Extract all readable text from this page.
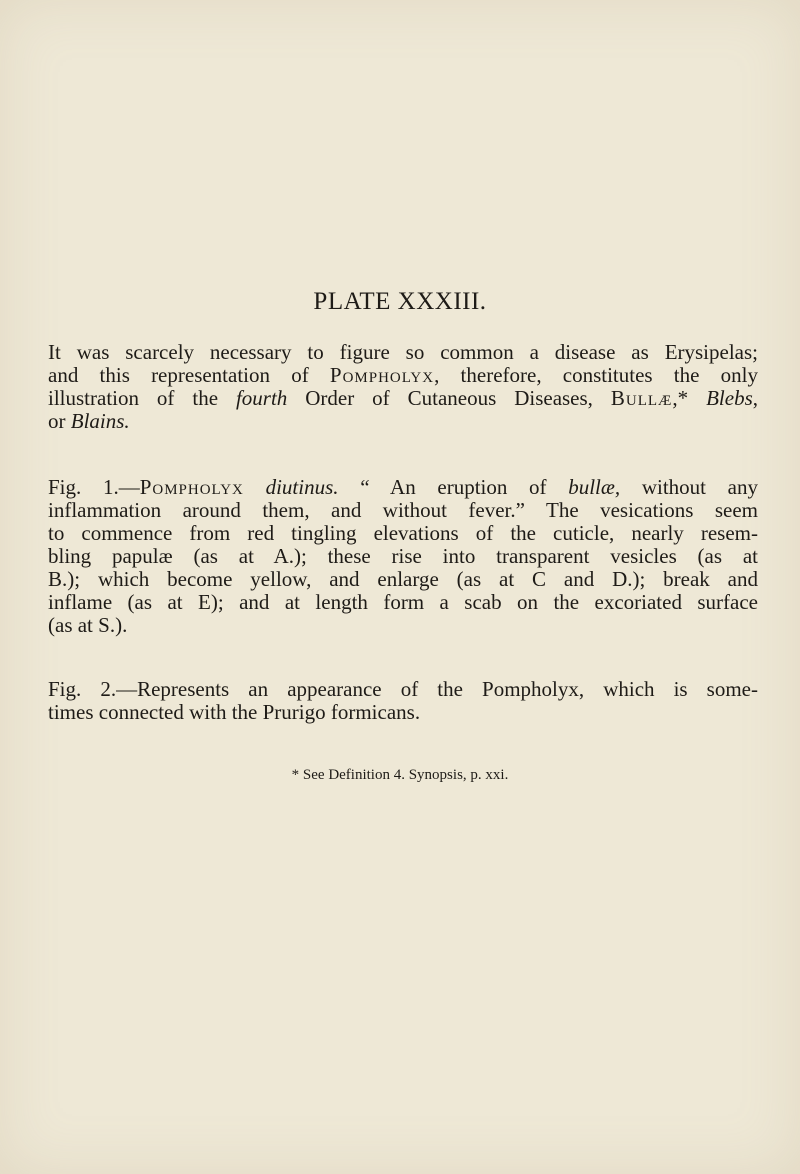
PLATE XXXIII.
It was scarcely necessary to figure so common a disease as Erysipelas;
and this representation of Pompholyx, therefore, constitutes the only
illustration of the fourth Order of Cutaneous Diseases, Bullæ,* Blebs,
or Blains.
Fig. 1.—Pompholyx diutinus. “ An eruption of bullæ, without any
inflammation around them, and without fever.” The vesications seem
to commence from red tingling elevations of the cuticle, nearly resem-
bling papulæ (as at A.); these rise into transparent vesicles (as at
B.); which become yellow, and enlarge (as at C and D.); break and
inflame (as at E); and at length form a scab on the excoriated surface
(as at S.).
Fig. 2.—Represents an appearance of the Pompholyx, which is some-
times connected with the Prurigo formicans.
* See Definition 4. Synopsis, p. xxi.
